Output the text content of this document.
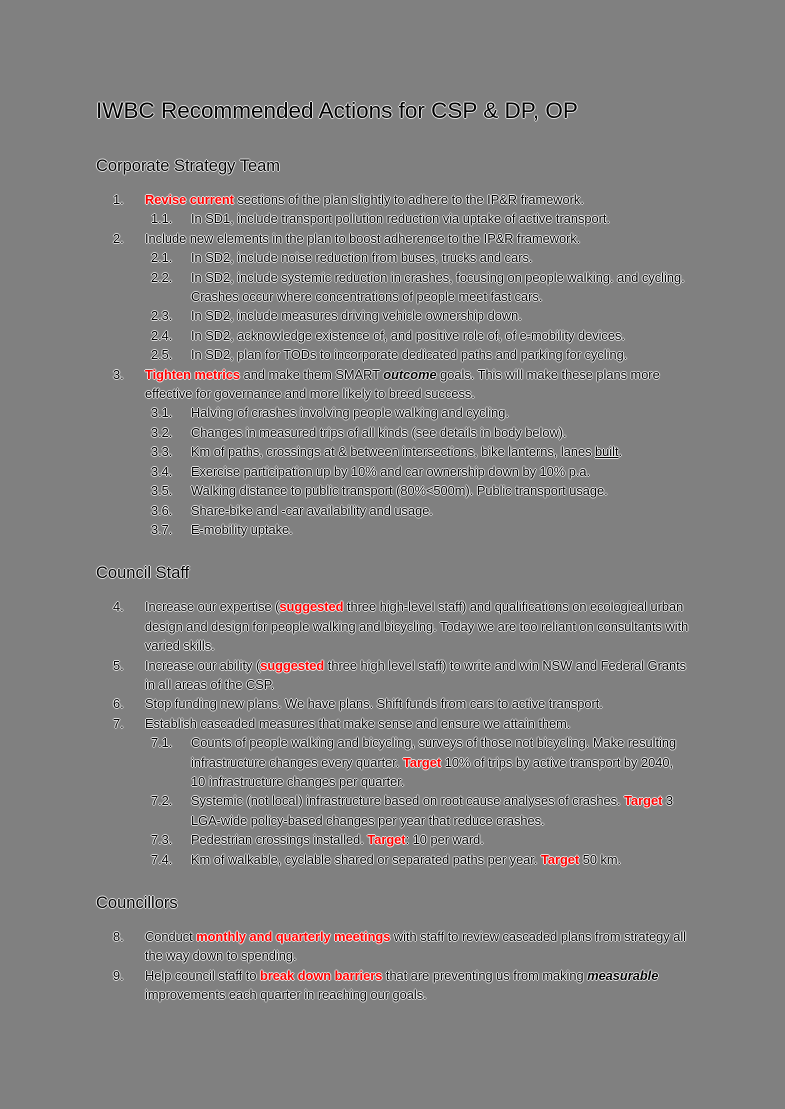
IWBC Recommended Actions for CSP & DP, OP
Corporate Strategy Team
1. Revise current sections of the plan slightly to adhere to the IP&R framework.
1.1. In SD1, include transport pollution reduction via uptake of active transport.
2. Include new elements in the plan to boost adherence to the IP&R framework.
2.1. In SD2, include noise reduction from buses, trucks and cars.
2.2. In SD2, include systemic reduction in crashes, focusing on people walking. and cycling. Crashes occur where concentrations of people meet fast cars.
2.3. In SD2, include measures driving vehicle ownership down.
2.4. In SD2, acknowledge existence of, and positive role of, of e-mobility devices.
2.5. In SD2, plan for TODs to incorporate dedicated paths and parking for cycling.
3. Tighten metrics and make them SMART outcome goals. This will make these plans more effective for governance and more likely to breed success.
3.1. Halving of crashes involving people walking and cycling.
3.2. Changes in measured trips of all kinds (see details in body below).
3.3. Km of paths, crossings at & between intersections, bike lanterns, lanes built.
3.4. Exercise participation up by 10% and car ownership down by 10% p.a.
3.5. Walking distance to public transport (80%<500m). Public transport usage.
3.6. Share-bike and -car availability and usage.
3.7. E-mobility uptake.
Council Staff
4. Increase our expertise (suggested three high-level staff) and qualifications on ecological urban design and design for people walking and bicycling. Today we are too reliant on consultants with varied skills.
5. Increase our ability (suggested three high level staff) to write and win NSW and Federal Grants in all areas of the CSP.
6. Stop funding new plans. We have plans. Shift funds from cars to active transport.
7. Establish cascaded measures that make sense and ensure we attain them.
7.1. Counts of people walking and bicycling, surveys of those not bicycling. Make resulting infrastructure changes every quarter. Target 10% of trips by active transport by 2040, 10 infrastructure changes per quarter.
7.2. Systemic (not local) infrastructure based on root cause analyses of crashes. Target 3 LGA-wide policy-based changes per year that reduce crashes.
7.3. Pedestrian crossings installed. Target: 10 per ward.
7.4. Km of walkable, cyclable shared or separated paths per year. Target 50 km.
Councillors
8. Conduct monthly and quarterly meetings with staff to review cascaded plans from strategy all the way down to spending.
9. Help council staff to break down barriers that are preventing us from making measurable improvements each quarter in reaching our goals.
